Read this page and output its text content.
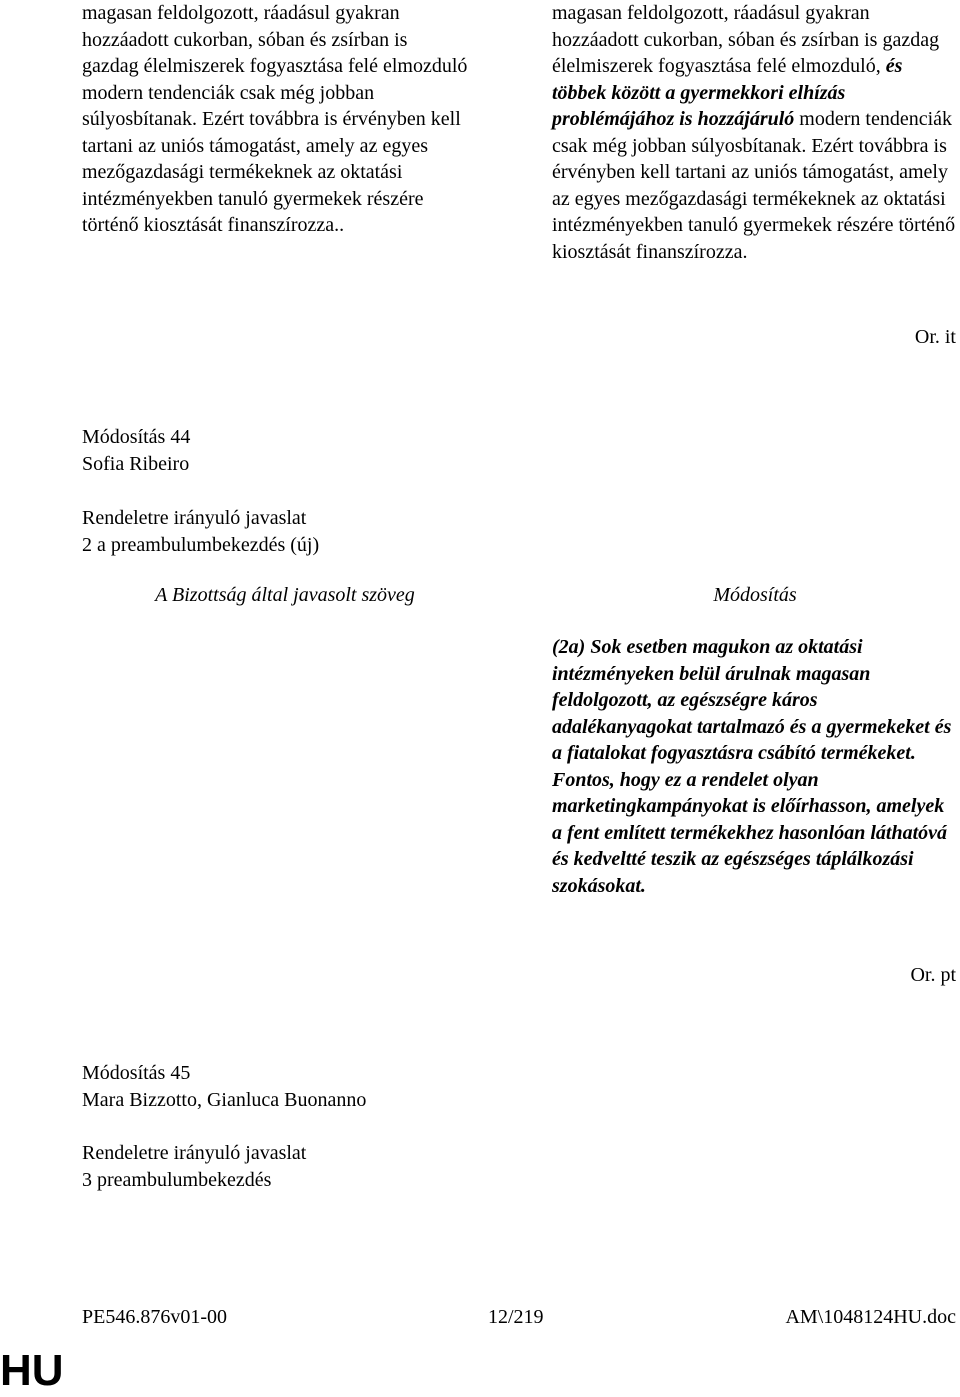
magasan feldolgozott, ráadásul gyakran hozzáadott cukorban, sóban és zsírban is gazdag élelmiszerek fogyasztása felé elmozduló modern tendenciák csak még jobban súlyosbítanak. Ezért továbbra is érvényben kell tartani az uniós támogatást, amely az egyes mezőgazdasági termékeknek az oktatási intézményekben tanuló gyermekek részére történő kiosztását finanszírozza..
magasan feldolgozott, ráadásul gyakran hozzáadott cukorban, sóban és zsírban is gazdag élelmiszerek fogyasztása felé elmozduló, és többek között a gyermekkori elhízás problémájához is hozzájáruló modern tendenciák csak még jobban súlyosbítanak. Ezért továbbra is érvényben kell tartani az uniós támogatást, amely az egyes mezőgazdasági termékeknek az oktatási intézményekben tanuló gyermekek részére történő kiosztását finanszírozza.
Or. it
Módosítás 44
Sofia Ribeiro
Rendeletre irányuló javaslat
2 a preambulumbekezdés (új)
A Bizottság által javasolt szöveg	Módosítás
(2a) Sok esetben magukon az oktatási intézményeken belül árulnak magasan feldolgozott, az egészségre káros adalékanyagokat tartalmazó és a gyermekeket és a fiatalokat fogyasztásra csábító termékeket. Fontos, hogy ez a rendelet olyan marketingkampányokat is előírhasson, amelyek a fent említett termékekhez hasonlóan láthatóvá és kedveltté teszik az egészséges táplálkozási szokásokat.
Or. pt
Módosítás 45
Mara Bizzotto, Gianluca Buonanno
Rendeletre irányuló javaslat
3 preambulumbekezdés
PE546.876v01-00	12/219	AM\1048124HU.doc
HU
